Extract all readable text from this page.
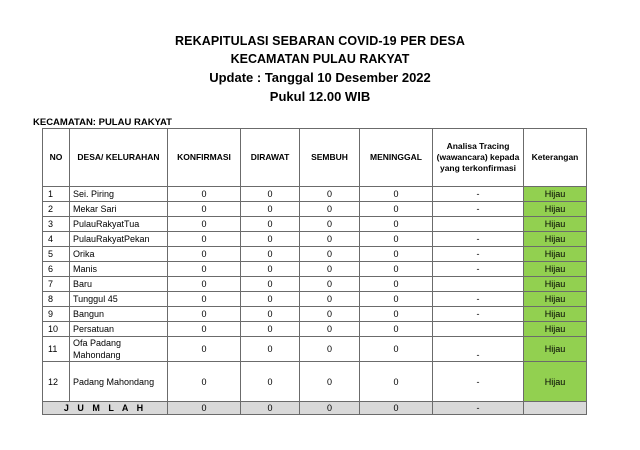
REKAPITULASI SEBARAN COVID-19 PER DESA
KECAMATAN PULAU RAKYAT
Update : Tanggal 10 Desember 2022
Pukul 12.00 WIB
KECAMATAN: PULAU RAKYAT
NO	DESA/ KELURAHAN	KONFIRMASI	DIRAWAT	SEMBUH	MENINGGAL	Analisa Tracing (wawancara) kepada yang terkonfirmasi	Keterangan
1	Sei. Piring	0	0	0	0	-	Hijau
2	Mekar Sari	0	0	0	0	-	Hijau
3	PulauRakyatTua	0	0	0	0		Hijau
4	PulauRakyatPekan	0	0	0	0	-	Hijau
5	Orika	0	0	0	0	-	Hijau
6	Manis	0	0	0	0	-	Hijau
7	Baru	0	0	0	0		Hijau
8	Tunggul 45	0	0	0	0	-	Hijau
9	Bangun	0	0	0	0	-	Hijau
10	Persatuan	0	0	0	0		Hijau
11	Ofa Padang Mahondang	0	0	0	0	-	Hijau
12	Padang Mahondang	0	0	0	0	-	Hijau
J U M L A H		0	0	0	0	-	
